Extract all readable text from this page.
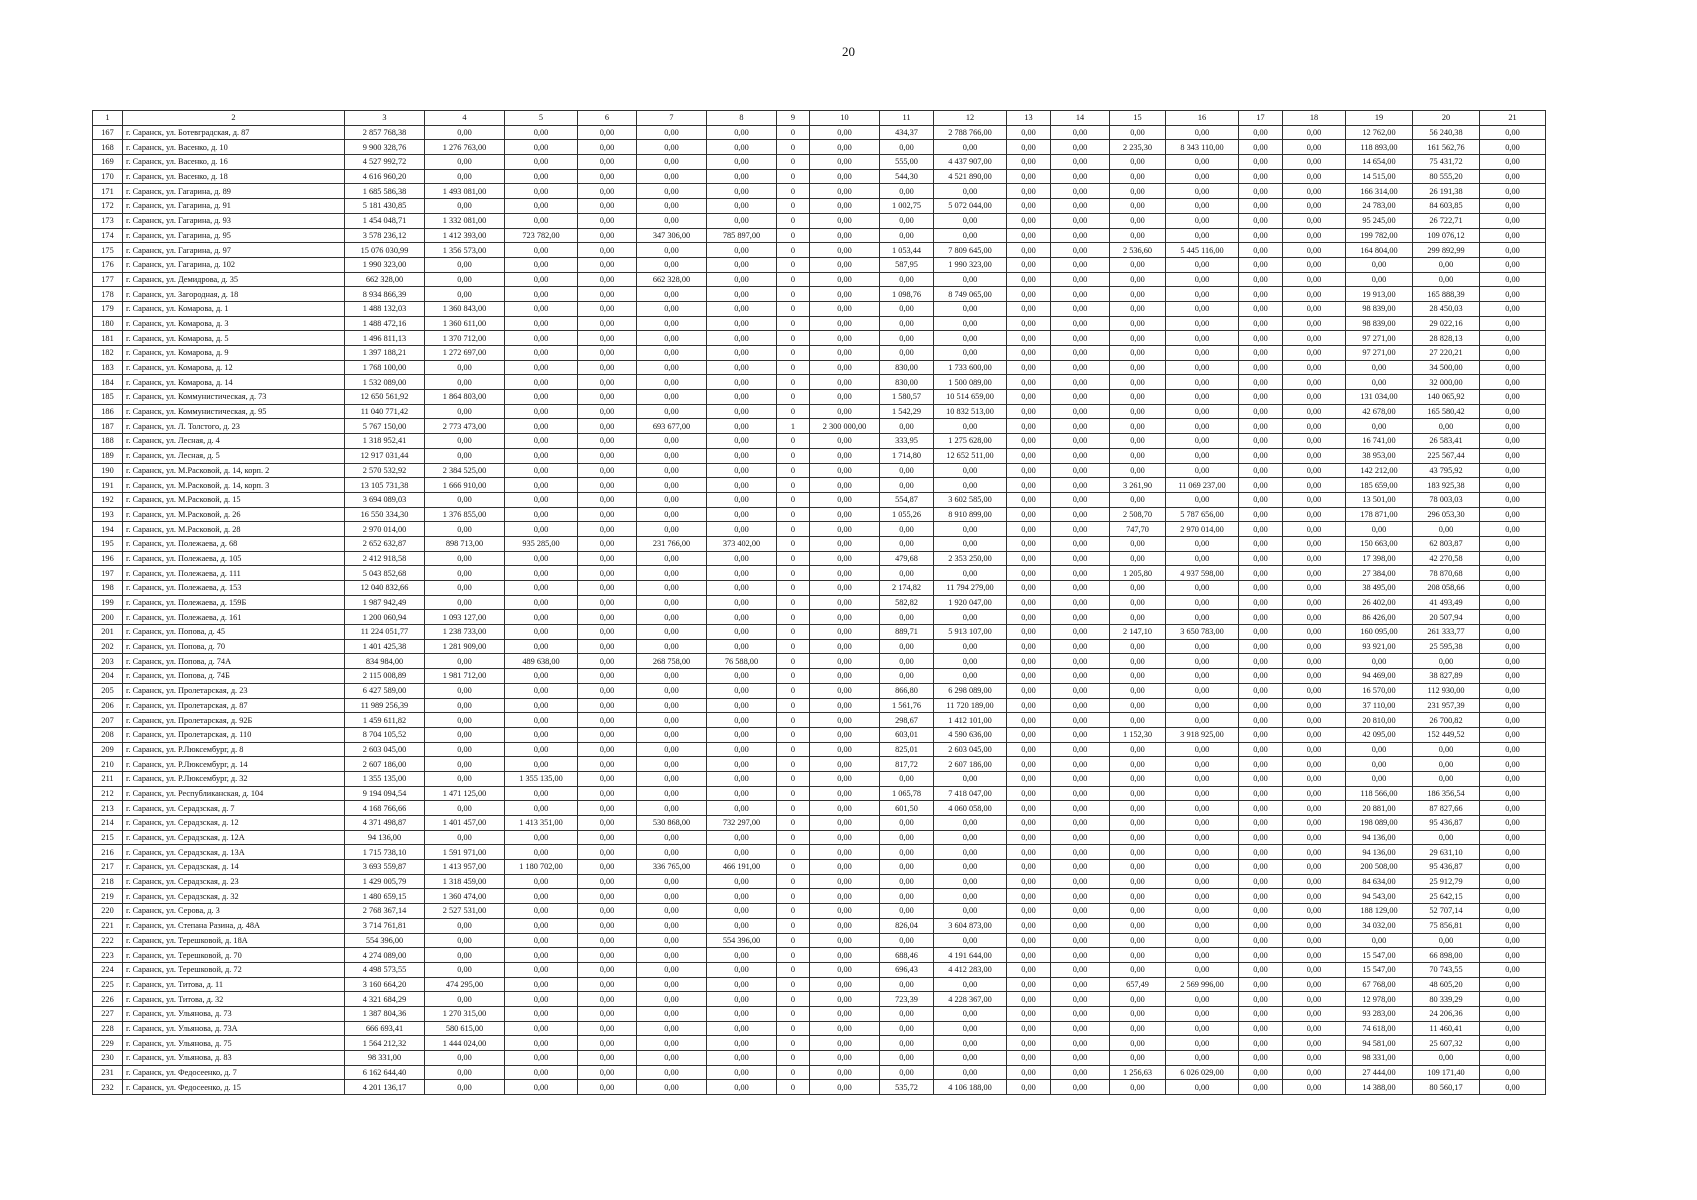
20
1	2	3	4	5	6	7	8	9	10	11	12	13	14	15	16	17	18	19	20	21
167	г. Саранск, ул. Ботевградская, д. 87	2 857 768,38	0,00	0,00	0,00	0,00	0,00	0	0,00	434,37	2 788 766,00	0,00	0,00	0,00	0,00	0,00	0,00	12 762,00	56 240,38	0,00
168	г. Саранск, ул. Васенко, д. 10	9 900 328,76	1 276 763,00	0,00	0,00	0,00	0,00	0	0,00	0,00	0,00	0,00	0,00	2 235,30	8 343 110,00	0,00	0,00	118 893,00	161 562,76	0,00
169	г. Саранск, ул. Васенко, д. 16	4 527 992,72	0,00	0,00	0,00	0,00	0,00	0	0,00	555,00	4 437 907,00	0,00	0,00	0,00	0,00	0,00	0,00	14 654,00	75 431,72	0,00
170	г. Саранск, ул. Васенко, д. 18	4 616 960,20	0,00	0,00	0,00	0,00	0,00	0	0,00	544,30	4 521 890,00	0,00	0,00	0,00	0,00	0,00	0,00	14 515,00	80 555,20	0,00
171	г. Саранск, ул. Гагарина, д. 89	1 685 586,38	1 493 081,00	0,00	0,00	0,00	0,00	0	0,00	0,00	0,00	0,00	0,00	0,00	0,00	0,00	0,00	166 314,00	26 191,38	0,00
172	г. Саранск, ул. Гагарина, д. 91	5 181 430,85	0,00	0,00	0,00	0,00	0,00	0	0,00	1 002,75	5 072 044,00	0,00	0,00	0,00	0,00	0,00	0,00	24 783,00	84 603,85	0,00
173	г. Саранск, ул. Гагарина, д. 93	1 454 048,71	1 332 081,00	0,00	0,00	0,00	0,00	0	0,00	0,00	0,00	0,00	0,00	0,00	0,00	0,00	0,00	95 245,00	26 722,71	0,00
174	г. Саранск, ул. Гагарина, д. 95	3 578 236,12	1 412 393,00	723 782,00	0,00	347 306,00	785 897,00	0	0,00	0,00	0,00	0,00	0,00	0,00	0,00	0,00	0,00	199 782,00	109 076,12	0,00
175	г. Саранск, ул. Гагарина, д. 97	15 076 030,99	1 356 573,00	0,00	0,00	0,00	0,00	0	0,00	1 053,44	7 809 645,00	0,00	0,00	2 536,60	5 445 116,00	0,00	0,00	164 804,00	299 892,99	0,00
176	г. Саранск, ул. Гагарина, д. 102	1 990 323,00	0,00	0,00	0,00	0,00	0,00	0	0,00	587,95	1 990 323,00	0,00	0,00	0,00	0,00	0,00	0,00	0,00	0,00	0,00
177	г. Саранск, ул. Демидрова, д. 35	662 328,00	0,00	0,00	0,00	662 328,00	0,00	0	0,00	0,00	0,00	0,00	0,00	0,00	0,00	0,00	0,00	0,00	0,00	0,00
178	г. Саранск, ул. Загородная, д. 18	8 934 866,39	0,00	0,00	0,00	0,00	0,00	0	0,00	1 098,76	8 749 065,00	0,00	0,00	0,00	0,00	0,00	0,00	19 913,00	165 888,39	0,00
179	г. Саранск, ул. Комарова, д. 1	1 488 132,03	1 360 843,00	0,00	0,00	0,00	0,00	0	0,00	0,00	0,00	0,00	0,00	0,00	0,00	0,00	0,00	98 839,00	28 450,03	0,00
180	г. Саранск, ул. Комарова, д. 3	1 488 472,16	1 360 611,00	0,00	0,00	0,00	0,00	0	0,00	0,00	0,00	0,00	0,00	0,00	0,00	0,00	0,00	98 839,00	29 022,16	0,00
181	г. Саранск, ул. Комарова, д. 5	1 496 811,13	1 370 712,00	0,00	0,00	0,00	0,00	0	0,00	0,00	0,00	0,00	0,00	0,00	0,00	0,00	0,00	97 271,00	28 828,13	0,00
182	г. Саранск, ул. Комарова, д. 9	1 397 188,21	1 272 697,00	0,00	0,00	0,00	0,00	0	0,00	0,00	0,00	0,00	0,00	0,00	0,00	0,00	0,00	97 271,00	27 220,21	0,00
183	г. Саранск, ул. Комарова, д. 12	1 768 100,00	0,00	0,00	0,00	0,00	0,00	0	0,00	830,00	1 733 600,00	0,00	0,00	0,00	0,00	0,00	0,00	0,00	34 500,00	0,00
184	г. Саранск, ул. Комарова, д. 14	1 532 089,00	0,00	0,00	0,00	0,00	0,00	0	0,00	830,00	1 500 089,00	0,00	0,00	0,00	0,00	0,00	0,00	0,00	32 000,00	0,00
185	г. Саранск, ул. Коммунистическая, д. 73	12 650 561,92	1 864 803,00	0,00	0,00	0,00	0,00	0	0,00	1 580,57	10 514 659,00	0,00	0,00	0,00	0,00	0,00	0,00	131 034,00	140 065,92	0,00
186	г. Саранск, ул. Коммунистическая, д. 95	11 040 771,42	0,00	0,00	0,00	0,00	0,00	0	0,00	1 542,29	10 832 513,00	0,00	0,00	0,00	0,00	0,00	0,00	42 678,00	165 580,42	0,00
187	г. Саранск, ул. Л. Толстого, д. 23	5 767 150,00	2 773 473,00	0,00	0,00	693 677,00	0,00	1	2 300 000,00	0,00	0,00	0,00	0,00	0,00	0,00	0,00	0,00	0,00	0,00	0,00
188	г. Саранск, ул. Лесная, д. 4	1 318 952,41	0,00	0,00	0,00	0,00	0,00	0	0,00	333,95	1 275 628,00	0,00	0,00	0,00	0,00	0,00	0,00	16 741,00	26 583,41	0,00
189	г. Саранск, ул. Лесная, д. 5	12 917 031,44	0,00	0,00	0,00	0,00	0,00	0	0,00	1 714,80	12 652 511,00	0,00	0,00	0,00	0,00	0,00	0,00	38 953,00	225 567,44	0,00
190	г. Саранск, ул. М.Расковой, д. 14, корп. 2	2 570 532,92	2 384 525,00	0,00	0,00	0,00	0,00	0	0,00	0,00	0,00	0,00	0,00	0,00	0,00	0,00	0,00	142 212,00	43 795,92	0,00
191	г. Саранск, ул. М.Расковой, д. 14, корп. 3	13 105 731,38	1 666 910,00	0,00	0,00	0,00	0,00	0	0,00	0,00	0,00	0,00	0,00	3 261,90	11 069 237,00	0,00	0,00	185 659,00	183 925,38	0,00
192	г. Саранск, ул. М.Расковой, д. 15	3 694 089,03	0,00	0,00	0,00	0,00	0,00	0	0,00	554,87	3 602 585,00	0,00	0,00	0,00	0,00	0,00	0,00	13 501,00	78 003,03	0,00
193	г. Саранск, ул. М.Расковой, д. 26	16 550 334,30	1 376 855,00	0,00	0,00	0,00	0,00	0	0,00	1 055,26	8 910 899,00	0,00	0,00	2 508,70	5 787 656,00	0,00	0,00	178 871,00	296 053,30	0,00
194	г. Саранск, ул. М.Расковой, д. 28	2 970 014,00	0,00	0,00	0,00	0,00	0,00	0	0,00	0,00	0,00	0,00	0,00	747,70	2 970 014,00	0,00	0,00	0,00	0,00	0,00
195	г. Саранск, ул. Полежаева, д. 68	2 652 632,87	898 713,00	935 285,00	0,00	231 766,00	373 402,00	0	0,00	0,00	0,00	0,00	0,00	0,00	0,00	0,00	0,00	150 663,00	62 803,87	0,00
196	г. Саранск, ул. Полежаева, д. 105	2 412 918,58	0,00	0,00	0,00	0,00	0,00	0	0,00	479,68	2 353 250,00	0,00	0,00	0,00	0,00	0,00	0,00	17 398,00	42 270,58	0,00
197	г. Саранск, ул. Полежаева, д. 111	5 043 852,68	0,00	0,00	0,00	0,00	0,00	0	0,00	0,00	0,00	0,00	0,00	1 205,80	4 937 598,00	0,00	0,00	27 384,00	78 870,68	0,00
198	г. Саранск, ул. Полежаева, д. 153	12 040 832,66	0,00	0,00	0,00	0,00	0,00	0	0,00	2 174,82	11 794 279,00	0,00	0,00	0,00	0,00	0,00	0,00	38 495,00	208 058,66	0,00
199	г. Саранск, ул. Полежаева, д. 159Б	1 987 942,49	0,00	0,00	0,00	0,00	0,00	0	0,00	582,82	1 920 047,00	0,00	0,00	0,00	0,00	0,00	0,00	26 402,00	41 493,49	0,00
200	г. Саранск, ул. Полежаева, д. 161	1 200 060,94	1 093 127,00	0,00	0,00	0,00	0,00	0	0,00	0,00	0,00	0,00	0,00	0,00	0,00	0,00	0,00	86 426,00	20 507,94	0,00
201	г. Саранск, ул. Попова, д. 45	11 224 051,77	1 238 733,00	0,00	0,00	0,00	0,00	0	0,00	889,71	5 913 107,00	0,00	0,00	2 147,10	3 650 783,00	0,00	0,00	160 095,00	261 333,77	0,00
202	г. Саранск, ул. Попова, д. 70	1 401 425,38	1 281 909,00	0,00	0,00	0,00	0,00	0	0,00	0,00	0,00	0,00	0,00	0,00	0,00	0,00	0,00	93 921,00	25 595,38	0,00
203	г. Саранск, ул. Попова, д. 74А	834 984,00	0,00	489 638,00	0,00	268 758,00	76 588,00	0	0,00	0,00	0,00	0,00	0,00	0,00	0,00	0,00	0,00	0,00	0,00	0,00
204	г. Саранск, ул. Попова, д. 74Б	2 115 008,89	1 981 712,00	0,00	0,00	0,00	0,00	0	0,00	0,00	0,00	0,00	0,00	0,00	0,00	0,00	0,00	94 469,00	38 827,89	0,00
205	г. Саранск, ул. Пролетарская, д. 23	6 427 589,00	0,00	0,00	0,00	0,00	0,00	0	0,00	866,80	6 298 089,00	0,00	0,00	0,00	0,00	0,00	0,00	16 570,00	112 930,00	0,00
206	г. Саранск, ул. Пролетарская, д. 87	11 989 256,39	0,00	0,00	0,00	0,00	0,00	0	0,00	1 561,76	11 720 189,00	0,00	0,00	0,00	0,00	0,00	0,00	37 110,00	231 957,39	0,00
207	г. Саранск, ул. Пролетарская, д. 92Б	1 459 611,82	0,00	0,00	0,00	0,00	0,00	0	0,00	298,67	1 412 101,00	0,00	0,00	0,00	0,00	0,00	0,00	20 810,00	26 700,82	0,00
208	г. Саранск, ул. Пролетарская, д. 110	8 704 105,52	0,00	0,00	0,00	0,00	0,00	0	0,00	603,01	4 590 636,00	0,00	0,00	1 152,30	3 918 925,00	0,00	0,00	42 095,00	152 449,52	0,00
209	г. Саранск, ул. Р.Люксембург, д. 8	2 603 045,00	0,00	0,00	0,00	0,00	0,00	0	0,00	825,01	2 603 045,00	0,00	0,00	0,00	0,00	0,00	0,00	0,00	0,00	0,00
210	г. Саранск, ул. Р.Люксембург, д. 14	2 607 186,00	0,00	0,00	0,00	0,00	0,00	0	0,00	817,72	2 607 186,00	0,00	0,00	0,00	0,00	0,00	0,00	0,00	0,00	0,00
211	г. Саранск, ул. Р.Люксембург, д. 32	1 355 135,00	0,00	1 355 135,00	0,00	0,00	0,00	0	0,00	0,00	0,00	0,00	0,00	0,00	0,00	0,00	0,00	0,00	0,00	0,00
212	г. Саранск, ул. Республиканская, д. 104	9 194 094,54	1 471 125,00	0,00	0,00	0,00	0,00	0	0,00	1 065,78	7 418 047,00	0,00	0,00	0,00	0,00	0,00	0,00	118 566,00	186 356,54	0,00
213	г. Саранск, ул. Серадзская, д. 7	4 168 766,66	0,00	0,00	0,00	0,00	0,00	0	0,00	601,50	4 060 058,00	0,00	0,00	0,00	0,00	0,00	0,00	20 881,00	87 827,66	0,00
214	г. Саранск, ул. Серадзская, д. 12	4 371 498,87	1 401 457,00	1 413 351,00	0,00	530 868,00	732 297,00	0	0,00	0,00	0,00	0,00	0,00	0,00	0,00	0,00	0,00	198 089,00	95 436,87	0,00
215	г. Саранск, ул. Серадзская, д. 12А	94 136,00	0,00	0,00	0,00	0,00	0,00	0	0,00	0,00	0,00	0,00	0,00	0,00	0,00	0,00	0,00	94 136,00	0,00	0,00
216	г. Саранск, ул. Серадзская, д. 13А	1 715 738,10	1 591 971,00	0,00	0,00	0,00	0,00	0	0,00	0,00	0,00	0,00	0,00	0,00	0,00	0,00	0,00	94 136,00	29 631,10	0,00
217	г. Саранск, ул. Серадзская, д. 14	3 693 559,87	1 413 957,00	1 180 702,00	0,00	336 765,00	466 191,00	0	0,00	0,00	0,00	0,00	0,00	0,00	0,00	0,00	0,00	200 508,00	95 436,87	0,00
218	г. Саранск, ул. Серадзская, д. 23	1 429 005,79	1 318 459,00	0,00	0,00	0,00	0,00	0	0,00	0,00	0,00	0,00	0,00	0,00	0,00	0,00	0,00	84 634,00	25 912,79	0,00
219	г. Саранск, ул. Серадзская, д. 32	1 480 659,15	1 360 474,00	0,00	0,00	0,00	0,00	0	0,00	0,00	0,00	0,00	0,00	0,00	0,00	0,00	0,00	94 543,00	25 642,15	0,00
220	г. Саранск, ул. Серова, д. 3	2 768 367,14	2 527 531,00	0,00	0,00	0,00	0,00	0	0,00	0,00	0,00	0,00	0,00	0,00	0,00	0,00	0,00	188 129,00	52 707,14	0,00
221	г. Саранск, ул. Степана Разина, д. 48А	3 714 761,81	0,00	0,00	0,00	0,00	0,00	0	0,00	826,04	3 604 873,00	0,00	0,00	0,00	0,00	0,00	0,00	34 032,00	75 856,81	0,00
222	г. Саранск, ул. Терешковой, д. 18А	554 396,00	0,00	0,00	0,00	0,00	554 396,00	0	0,00	0,00	0,00	0,00	0,00	0,00	0,00	0,00	0,00	0,00	0,00	0,00
223	г. Саранск, ул. Терешковой, д. 70	4 274 089,00	0,00	0,00	0,00	0,00	0,00	0	0,00	688,46	4 191 644,00	0,00	0,00	0,00	0,00	0,00	0,00	15 547,00	66 898,00	0,00
224	г. Саранск, ул. Терешковой, д. 72	4 498 573,55	0,00	0,00	0,00	0,00	0,00	0	0,00	696,43	4 412 283,00	0,00	0,00	0,00	0,00	0,00	0,00	15 547,00	70 743,55	0,00
225	г. Саранск, ул. Титова, д. 11	3 160 664,20	474 295,00	0,00	0,00	0,00	0,00	0	0,00	0,00	0,00	0,00	0,00	657,49	2 569 996,00	0,00	0,00	67 768,00	48 605,20	0,00
226	г. Саранск, ул. Титова, д. 32	4 321 684,29	0,00	0,00	0,00	0,00	0,00	0	0,00	723,39	4 228 367,00	0,00	0,00	0,00	0,00	0,00	0,00	12 978,00	80 339,29	0,00
227	г. Саранск, ул. Ульянова, д. 73	1 387 804,36	1 270 315,00	0,00	0,00	0,00	0,00	0	0,00	0,00	0,00	0,00	0,00	0,00	0,00	0,00	0,00	93 283,00	24 206,36	0,00
228	г. Саранск, ул. Ульянова, д. 73А	666 693,41	580 615,00	0,00	0,00	0,00	0,00	0	0,00	0,00	0,00	0,00	0,00	0,00	0,00	0,00	0,00	74 618,00	11 460,41	0,00
229	г. Саранск, ул. Ульянова, д. 75	1 564 212,32	1 444 024,00	0,00	0,00	0,00	0,00	0	0,00	0,00	0,00	0,00	0,00	0,00	0,00	0,00	0,00	94 581,00	25 607,32	0,00
230	г. Саранск, ул. Ульянова, д. 83	98 331,00	0,00	0,00	0,00	0,00	0,00	0	0,00	0,00	0,00	0,00	0,00	0,00	0,00	0,00	0,00	98 331,00	0,00	0,00
231	г. Саранск, ул. Федосеенко, д. 7	6 162 644,40	0,00	0,00	0,00	0,00	0,00	0	0,00	0,00	0,00	0,00	0,00	1 256,63	6 026 029,00	0,00	0,00	27 444,00	109 171,40	0,00
232	г. Саранск, ул. Федосеенко, д. 15	4 201 136,17	0,00	0,00	0,00	0,00	0,00	0	0,00	535,72	4 106 188,00	0,00	0,00	0,00	0,00	0,00	0,00	14 388,00	80 560,17	0,00
